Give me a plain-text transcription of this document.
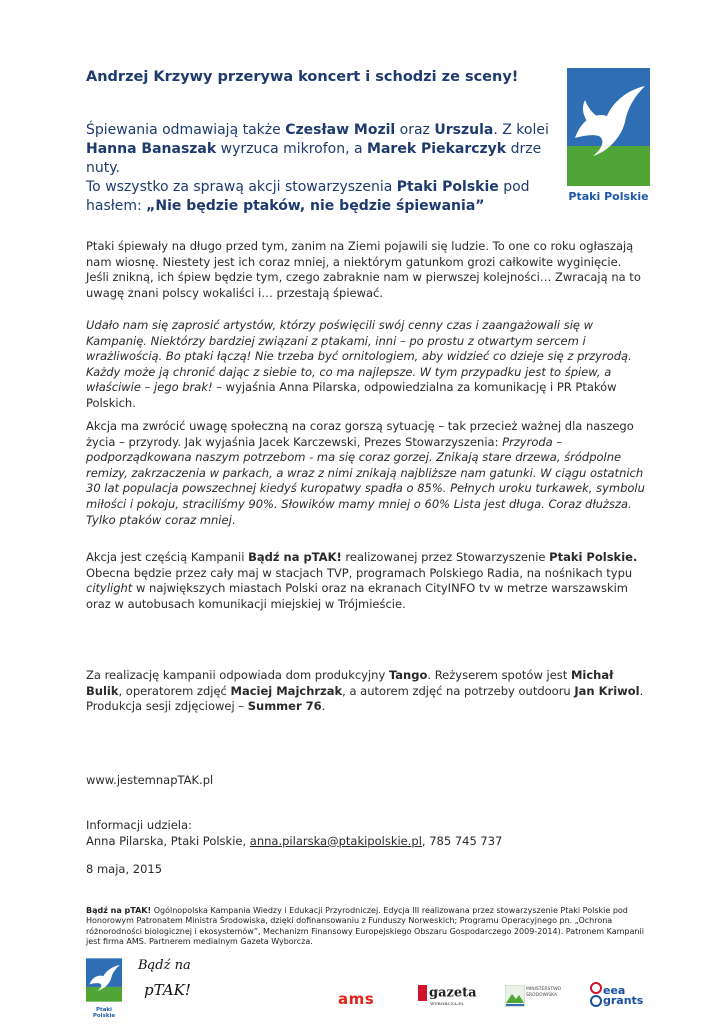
Andrzej Krzywy przerywa koncert i schodzi ze sceny!
Ptaki Polskie

Śpiewania odmawiają także Czesław Mozil oraz Urszula. Z kolei Hanna Banaszak wyrzuca mikrofon, a Marek Piekarczyk drze nuty.
To wszystko za sprawą akcji stowarzyszenia Ptaki Polskie pod hasłem: „Nie będzie ptaków, nie będzie śpiewania”

Ptaki śpiewały na długo przed tym, zanim na Ziemi pojawili się ludzie. To one co roku ogłaszają nam wiosnę. Niestety jest ich coraz mniej, a niektórym gatunkom grozi całkowite wyginięcie. Jeśli znikną, ich śpiew będzie tym, czego zabraknie nam w pierwszej kolejności… Zwracają na to uwagę znani polscy wokaliści i… przestają śpiewać.

Udało nam się zaprosić artystów, którzy poświęcili swój cenny czas i zaangażowali się w Kampanię. Niektórzy bardziej związani z ptakami, inni – po prostu z otwartym sercem i wrażliwością. Bo ptaki łączą! Nie trzeba być ornitologiem, aby widzieć co dzieje się z przyrodą. Każdy może ją chronić dając z siebie to, co ma najlepsze. W tym przypadku jest to śpiew, a właściwie – jego brak! – wyjaśnia Anna Pilarska, odpowiedzialna za komunikację i PR Ptaków Polskich.

Akcja ma zwrócić uwagę społeczną na coraz gorszą sytuację – tak przecież ważnej dla naszego życia – przyrody. Jak wyjaśnia Jacek Karczewski, Prezes Stowarzyszenia: Przyroda – podporządkowana naszym potrzebom - ma się coraz gorzej. Znikają stare drzewa, śródpolne remizy, zakrzaczenia w parkach, a wraz z nimi znikają najbliższe nam gatunki. W ciągu ostatnich 30 lat populacja powszechnej kiedyś kuropatwy spadła o 85%. Pełnych uroku turkawek, symbolu miłości i pokoju, straciliśmy 90%. Słowików mamy mniej o 60% Lista jest długa. Coraz dłuższa. Tylko ptaków coraz mniej.

Akcja jest częścią Kampanii Bądź na pTAK! realizowanej przez Stowarzyszenie Ptaki Polskie. Obecna będzie przez cały maj w stacjach TVP, programach Polskiego Radia, na nośnikach typu citylight w największych miastach Polski oraz na ekranach CityINFO tv w metrze warszawskim oraz w autobusach komunikacji miejskiej w Trójmieście.

Za realizację kampanii odpowiada dom produkcyjny Tango. Reżyserem spotów jest Michał Bulik, operatorem zdjęć Maciej Majchrzak, a autorem zdjęć na potrzeby outdooru Jan Kriwol. Produkcja sesji zdjęciowej – Summer 76.

www.jestemnapTAK.pl

Informacji udziela:
Anna Pilarska, Ptaki Polskie, anna.pilarska@ptakipolskie.pl, 785 745 737

8 maja, 2015

Bądź na pTAK! Ogólnopolska Kampania Wiedzy i Edukacji Przyrodniczej. Edycja III realizowana przez stowarzyszenie Ptaki Polskie pod Honorowym Patronatem Ministra Środowiska, dzięki dofinansowaniu z Funduszy Norweskich; Programu Operacyjnego pn. „Ochrona różnorodności biologicznej i ekosystemów”, Mechanizm Finansowy Europejskiego Obszaru Gospodarczego 2009-2014). Patronem Kampanii jest firma AMS. Partnerem medialnym Gazeta Wyborcza.

Ptaki Polskie
Bądź na
pTAK!	ams	gazeta
WYBORCZA.PL
MINISTERSTWO ŚRODOWISKA	eea grants
